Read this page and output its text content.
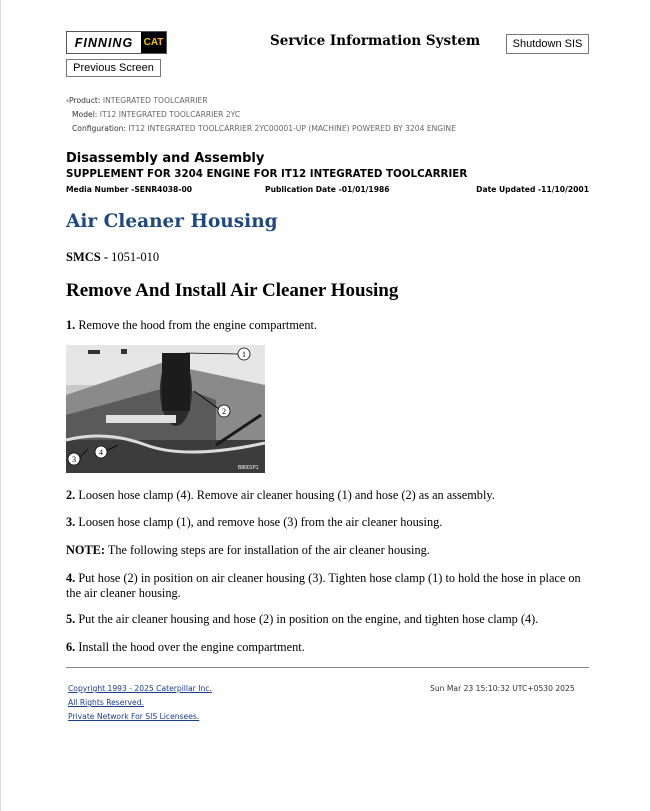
FINNING	CAT	Service Information System	Shutdown SIS
Previous Screen
‹Product: INTEGRATED TOOLCARRIER
Model: IT12 INTEGRATED TOOLCARRIER 2YC
Configuration: IT12 INTEGRATED TOOLCARRIER 2YC00001-UP (MACHINE) POWERED BY 3204 ENGINE
Disassembly and Assembly
SUPPLEMENT FOR 3204 ENGINE FOR IT12 INTEGRATED TOOLCARRIER
Media Number -SENR4038-00	Publication Date -01/01/1986	Date Updated -11/10/2001
Air Cleaner Housing
SMCS - 1051-010
Remove And Install Air Cleaner Housing
1. Remove the hood from the engine compartment.
1
2
3
4
B8001P1
2. Loosen hose clamp (4). Remove air cleaner housing (1) and hose (2) as an assembly.
3. Loosen hose clamp (1), and remove hose (3) from the air cleaner housing.
NOTE: The following steps are for installation of the air cleaner housing.
4. Put hose (2) in position on air cleaner housing (3). Tighten hose clamp (1) to hold the hose in place on the air cleaner housing.
5. Put the air cleaner housing and hose (2) in position on the engine, and tighten hose clamp (4).
6. Install the hood over the engine compartment.
Copyright 1993 - 2025 Caterpillar Inc.
All Rights Reserved.
Private Network For SIS Licensees.
Sun Mar 23 15:10:32 UTC+0530 2025
